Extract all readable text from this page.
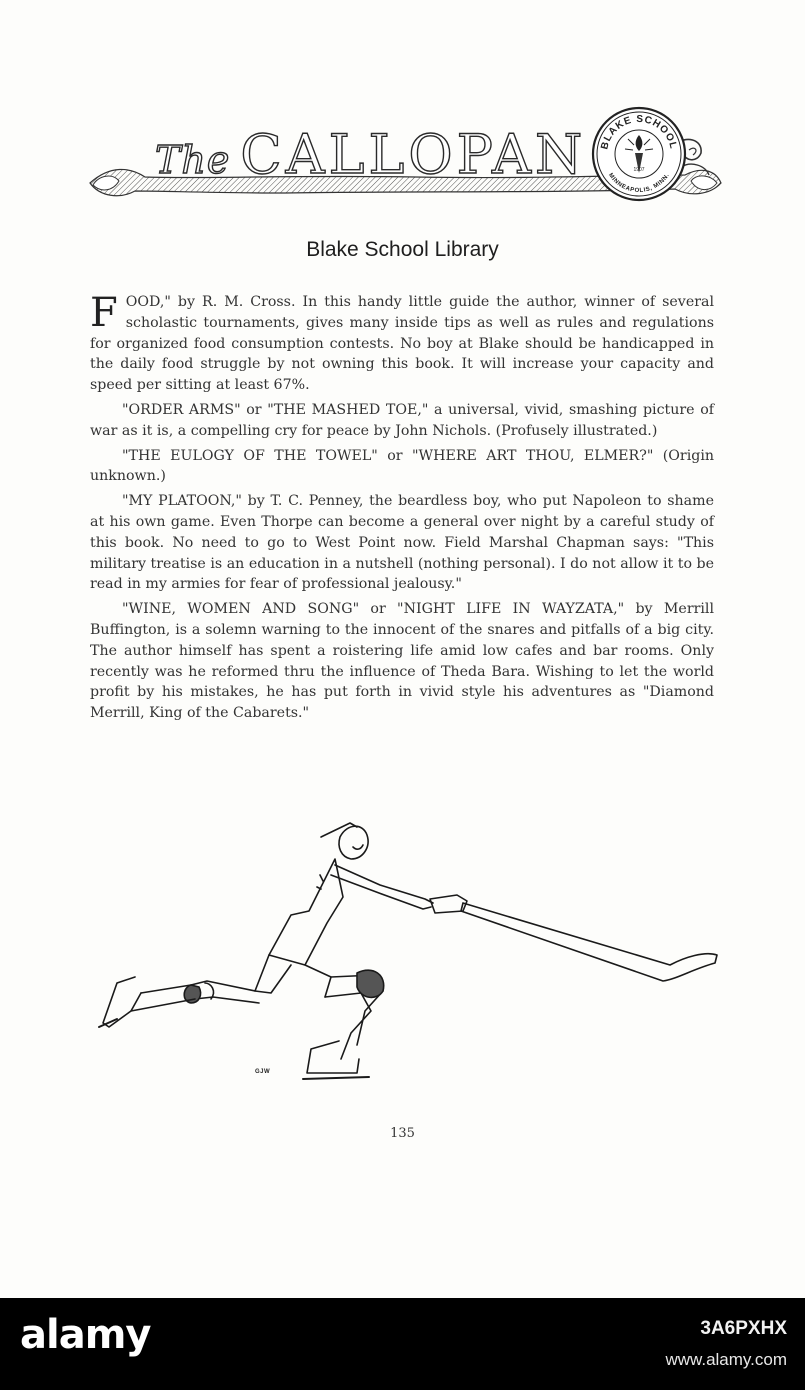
The CALLOPAN BLAKE SCHOOL
MINNEAPOLIS, MINN.
1907
Blake School Library

FOOD," by R. M. Cross. In this handy little guide the author, winner of several scholastic tournaments, gives many inside tips as well as rules and regulations for organized food consumption contests. No boy at Blake should be handicapped in the daily food struggle by not owning this book. It will increase your capacity and speed per sitting at least 67%.

"ORDER ARMS" or "THE MASHED TOE," a universal, vivid, smashing picture of war as it is, a compelling cry for peace by John Nichols. (Profusely illustrated.)

"THE EULOGY OF THE TOWEL" or "WHERE ART THOU, ELMER?" (Origin unknown.)

"MY PLATOON," by T. C. Penney, the beardless boy, who put Napoleon to shame at his own game. Even Thorpe can become a general over night by a careful study of this book. No need to go to West Point now. Field Marshal Chapman says: "This military treatise is an education in a nutshell (nothing personal). I do not allow it to be read in my armies for fear of professional jealousy."

"WINE, WOMEN AND SONG" or "NIGHT LIFE IN WAYZATA," by Merrill Buffington, is a solemn warning to the innocent of the snares and pitfalls of a big city. The author himself has spent a roistering life amid low cafes and bar rooms. Only recently was he reformed thru the influence of Theda Bara. Wishing to let the world profit by his mistakes, he has put forth in vivid style his adventures as "Diamond Merrill, King of the Cabarets."

GJW
135
alamy	3A6PXHX
www.alamy.com
